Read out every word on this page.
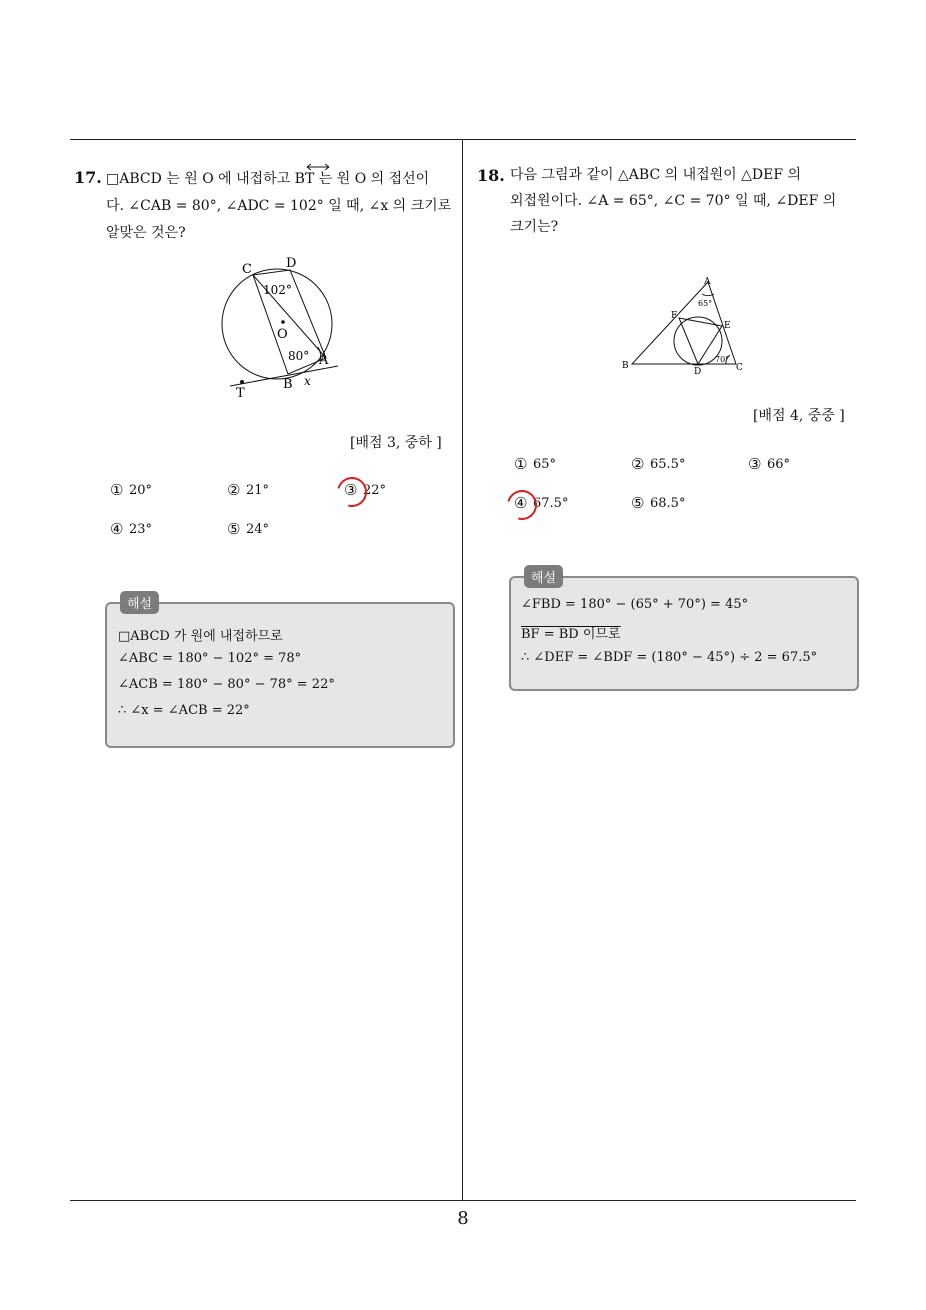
17. □ABCD 는 원 O 에 내접하고 BT 는 원 O 의 접선이
다. ∠CAB = 80°, ∠ADC = 102° 일 때, ∠x 의 크기로
알맞은 것은?
C	D
A
B
T
O
x
102°
80°
[배점 3, 중하 ]
① 20°	② 21°	③ 22°
④ 23°	⑤ 24°
해설
□ABCD 가 원에 내접하므로
∠ABC = 180° − 102° = 78°
∠ACB = 180° − 80° − 78° = 22°
∴ ∠x = ∠ACB = 22°
18. 다음 그림과 같이 △ABC 의 내접원이 △DEF 의
외접원이다. ∠A = 65°, ∠C = 70° 일 때, ∠DEF 의
크기는?
A
B	C
D
E
F
65°
70°
[배점 4, 중중 ]
① 65°	② 65.5°	③ 66°
④ 67.5°	⑤ 68.5°
해설
∠FBD = 180° − (65° + 70°) = 45°
BF = BD 이므로
∴ ∠DEF = ∠BDF = (180° − 45°) ÷ 2 = 67.5°
8
